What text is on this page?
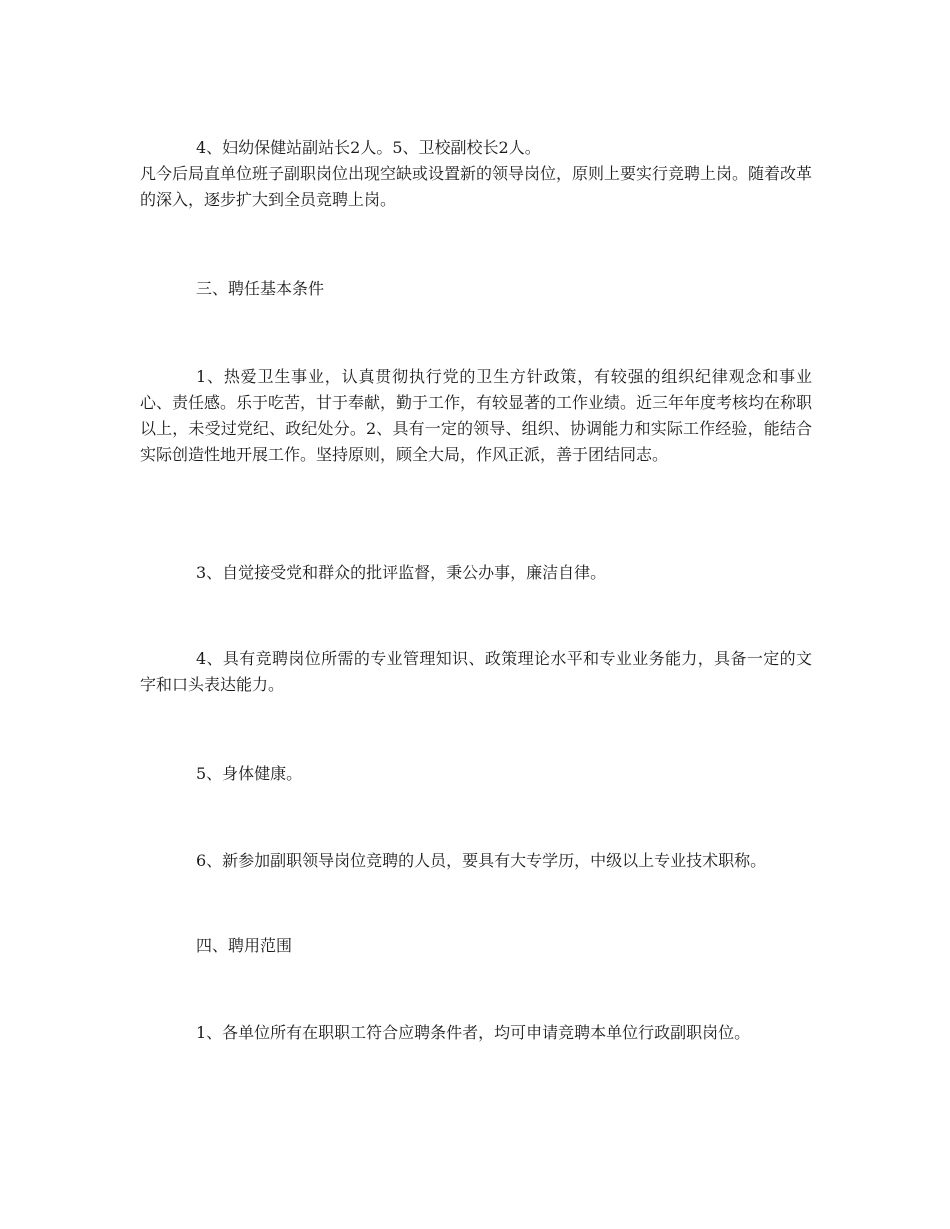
4、妇幼保健站副站长2人。5、卫校副校长2人。

凡今后局直单位班子副职岗位出现空缺或设置新的领导岗位，原则上要实行竞聘上岗。随着改革的深入，逐步扩大到全员竞聘上岗。

三、聘任基本条件

1、热爱卫生事业，认真贯彻执行党的卫生方针政策，有较强的组织纪律观念和事业心、责任感。乐于吃苦，甘于奉献，勤于工作，有较显著的工作业绩。近三年年度考核均在称职以上，未受过党纪、政纪处分。2、具有一定的领导、组织、协调能力和实际工作经验，能结合实际创造性地开展工作。坚持原则，顾全大局，作风正派，善于团结同志。

3、自觉接受党和群众的批评监督，秉公办事，廉洁自律。

4、具有竞聘岗位所需的专业管理知识、政策理论水平和专业业务能力，具备一定的文字和口头表达能力。

5、身体健康。

6、新参加副职领导岗位竞聘的人员，要具有大专学历，中级以上专业技术职称。

四、聘用范围

1、各单位所有在职职工符合应聘条件者，均可申请竞聘本单位行政副职岗位。
